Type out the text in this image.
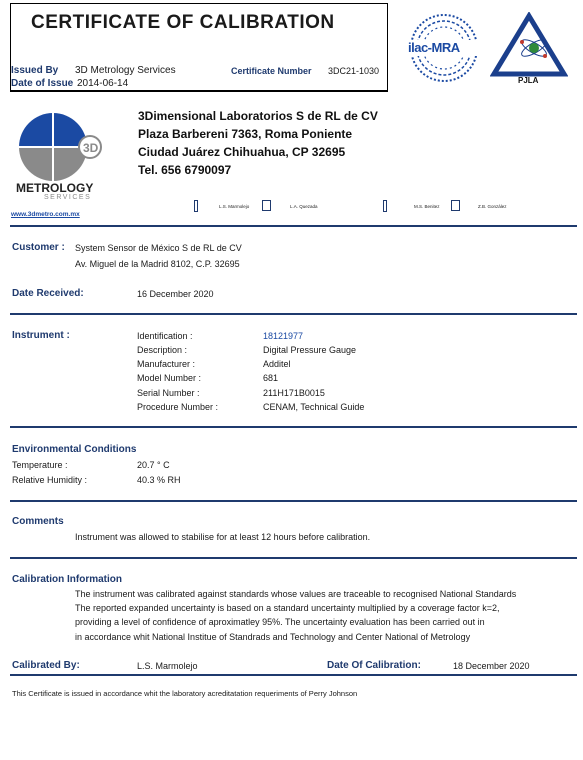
CERTIFICATE OF CALIBRATION
Issued By 3D Metrology Services
Date of Issue 2014-06-14
Certificate Number 3DC21-1030
ilac-MRA
PJLA
3D
METROLOGY
SERVICES
www.3dmetro.com.mx
3Dimensional Laboratorios S de RL de CV
Plaza Barbereni 7363, Roma Poniente
Ciudad Juárez Chihuahua, CP 32695
Tel. 656 6790097
L.S. Marmolejo	L.A. Quezada	M.S. Benitez	Z.B. González
Customer : System Sensor de México S de RL de CV
Av. Miguel de la Madrid 8102, C.P. 32695
Date Received:	16 December 2020
Instrument :	Identification :	18121977
Description :	Digital Pressure Gauge
Manufacturer :	Additel
Model Number :	681
Serial Number :	211H171B0015
Procedure Number :	CENAM, Technical Guide
Environmental Conditions
Temperature :	20.7 ° C
Relative Humidity :	40.3 % RH
Comments
Instrument was allowed to stabilise for at least 12 hours before calibration.
Calibration Information
The instrument was calibrated against standards whose values are traceable to recognised National Standards
The reported expanded uncertainty is based on a standard uncertainty multiplied by a coverage factor k=2,
providing a level of confidence of aproximatley 95%. The uncertainty evaluation has been carried out in
in accordance whit National Institue of Standrads and Technology and Center National of Metrology
Calibrated By:	L.S. Marmolejo	Date Of Calibration:	18 December 2020
This Certificate is issued in accordance whit the laboratory acreditatation requeriments of Perry Johnson
